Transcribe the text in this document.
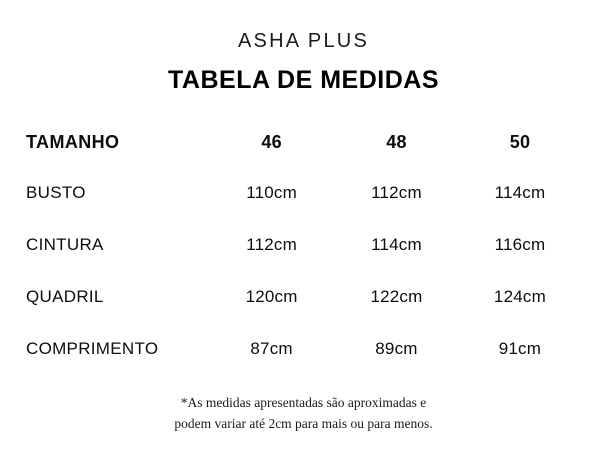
ASHA PLUS
TABELA DE MEDIDAS
TAMANHO	46	48	50
BUSTO	110cm	112cm	114cm
CINTURA	112cm	114cm	116cm
QUADRIL	120cm	122cm	124cm
COMPRIMENTO	87cm	89cm	91cm
*As medidas apresentadas são aproximadas e
podem variar até 2cm para mais ou para menos.
